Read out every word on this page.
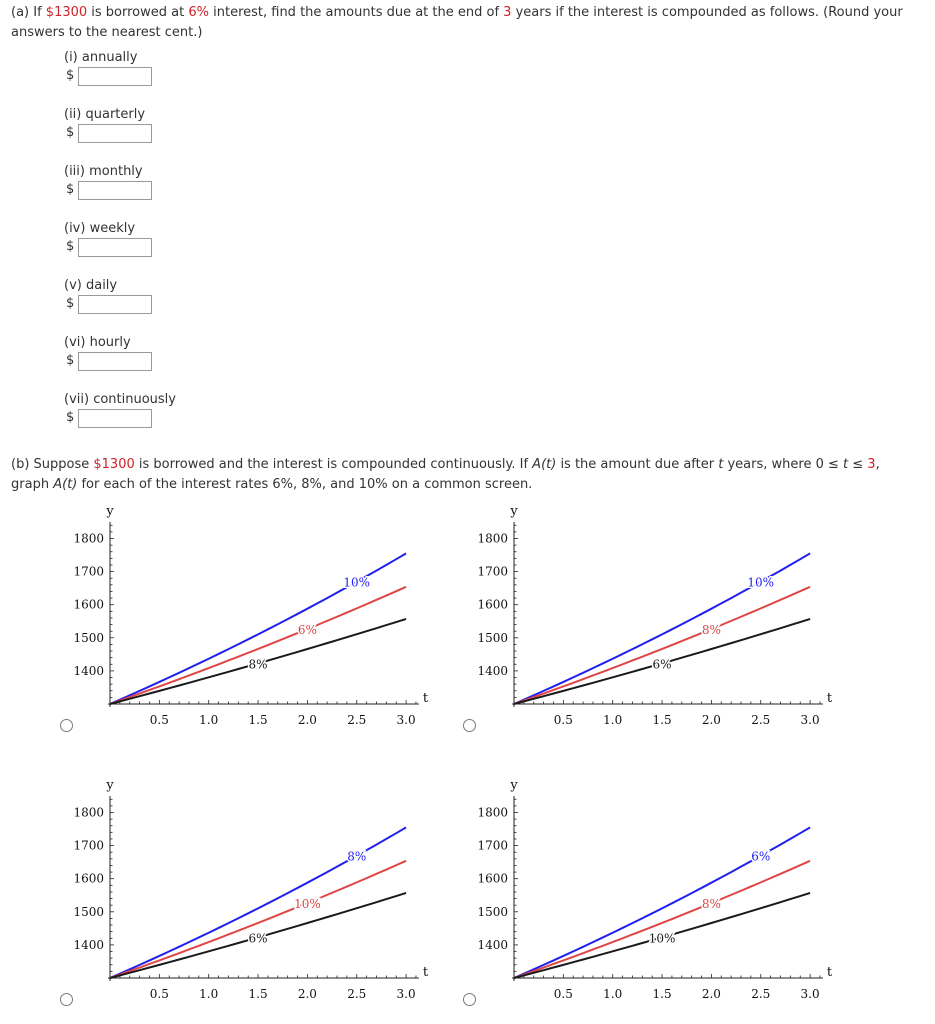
(a) If $1300 is borrowed at 6% interest, find the amounts due at the end of 3 years if the interest is compounded as follows. (Round your answers to the nearest cent.)
(i) annually
$
(ii) quarterly
$
(iii) monthly
$
(iv) weekly
$
(v) daily
$
(vi) hourly
$
(vii) continuously
$
(b) Suppose $1300 is borrowed and the interest is compounded continuously. If A(t) is the amount due after t years, where 0 ≤ t ≤ 3, graph A(t) for each of the interest rates 6%, 8%, and 10% on a common screen.
0.5	1.0	1.5	2.0	2.5	3.0
1400
1500
1600
1700
1800
y
t
10%
6%
8%
0.5	1.0	1.5	2.0	2.5	3.0
1400
1500
1600
1700
1800
y
t
10%
8%
6%
0.5	1.0	1.5	2.0	2.5	3.0
1400
1500
1600
1700
1800
y
t
8%
10%
6%
0.5	1.0	1.5	2.0	2.5	3.0
1400
1500
1600
1700
1800
y
t
6%
8%
10%
